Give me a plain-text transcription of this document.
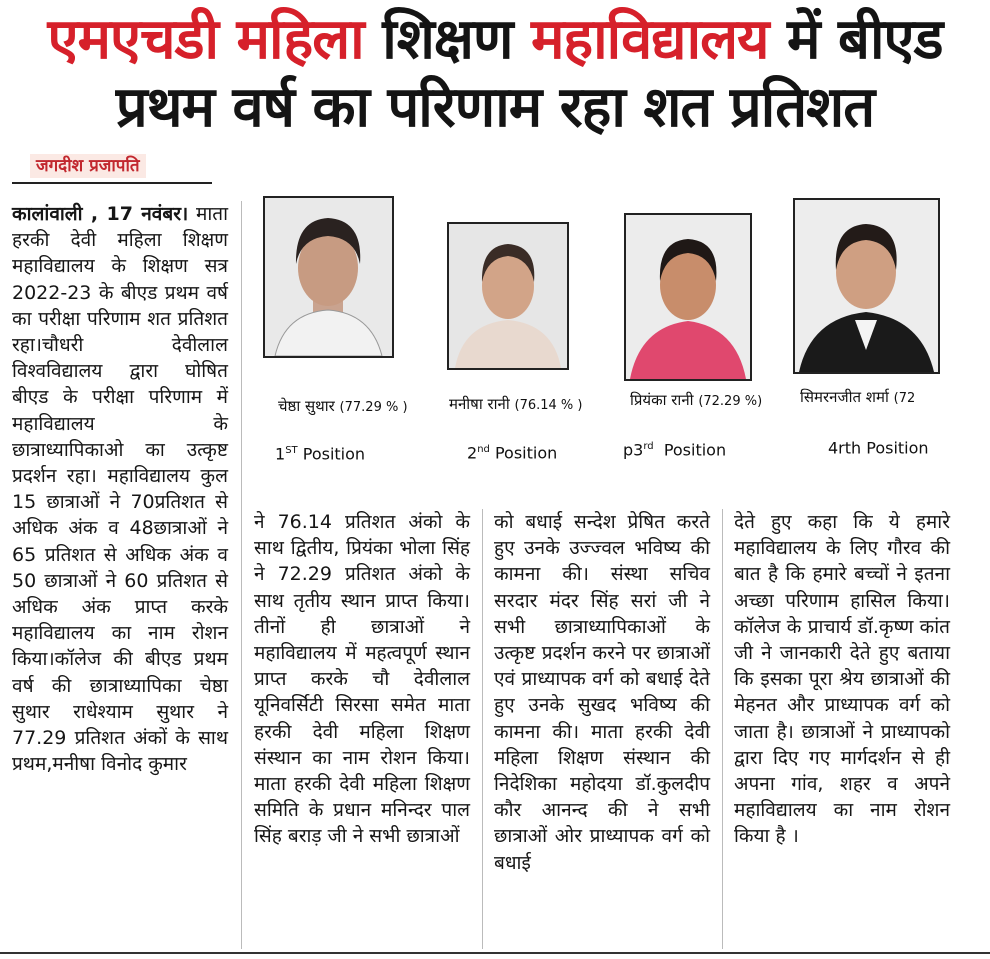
एमएचडी महिला शिक्षण महाविद्यालय में बीएड
प्रथम वर्ष का परिणाम रहा शत प्रतिशत
जगदीश प्रजापति
कालांवाली , 17 नवंबर। माता हरकी देवी महिला शिक्षण महाविद्यालय के शिक्षण सत्र 2022-23 के बीएड प्रथम वर्ष का परीक्षा परिणाम शत प्रतिशत रहा।चौधरी देवीलाल विश्वविद्यालय द्वारा घोषित बीएड के परीक्षा परिणाम में महाविद्यालय के छात्राध्यापिकाओ का उत्कृष्ट प्रदर्शन रहा। महाविद्यालय कुल 15 छात्राओं ने 70प्रतिशत से अधिक अंक व 48छात्राओं ने 65 प्रतिशत से अधिक अंक व 50 छात्राओं ने 60 प्रतिशत से अधिक अंक प्राप्त करके महाविद्यालय का नाम रोशन किया।कॉलेज की बीएड प्रथम वर्ष की छात्राध्यापिका चेष्ठा सुथार राधेश्याम सुथार ने 77.29 प्रतिशत अंकों के साथ प्रथम,मनीषा विनोद कुमार
चेष्ठा सुथार (77.29 % )	मनीषा रानी (76.14 % )	प्रियंका रानी (72.29 %)	सिमरनजीत शर्मा (72
1ST Position	2nd Position	p3rd  Position	4rth Position
ने 76.14 प्रतिशत अंको के साथ द्वितीय, प्रियंका भोला सिंह ने 72.29 प्रतिशत अंको के साथ तृतीय स्थान प्राप्त किया। तीनों ही छात्राओं ने महाविद्यालय में महत्वपूर्ण स्थान प्राप्त करके चौ देवीलाल यूनिवर्सिटी सिरसा समेत माता हरकी देवी महिला शिक्षण संस्थान का नाम रोशन किया। माता हरकी देवी महिला शिक्षण समिति के प्रधान मनिन्दर पाल सिंह बराड़ जी ने सभी छात्राओं
को बधाई सन्देश प्रेषित करते हुए उनके उज्ज्वल भविष्य की कामना की। संस्था सचिव सरदार मंदर सिंह सरां जी ने सभी छात्राध्यापिकाओं के उत्कृष्ट प्रदर्शन करने पर छात्राओं एवं प्राध्यापक वर्ग को बधाई देते हुए उनके सुखद भविष्य की कामना की। माता हरकी देवी महिला शिक्षण संस्थान की निदेशिका महोदया डॉ.कुलदीप कौर आनन्द की ने सभी छात्राओं ओर प्राध्यापक वर्ग को बधाई
देते हुए कहा कि ये हमारे महाविद्यालय के लिए गौरव की बात है कि हमारे बच्चों ने इतना अच्छा परिणाम हासिल किया। कॉलेज के प्राचार्य डॉ.कृष्ण कांत जी ने जानकारी देते हुए बताया कि इसका पूरा श्रेय छात्राओं की मेहनत और प्राध्यापक वर्ग को जाता है। छात्राओं ने प्राध्यापको द्वारा दिए गए मार्गदर्शन से ही अपना गांव, शहर व अपने महाविद्यालय का नाम रोशन किया है ।
